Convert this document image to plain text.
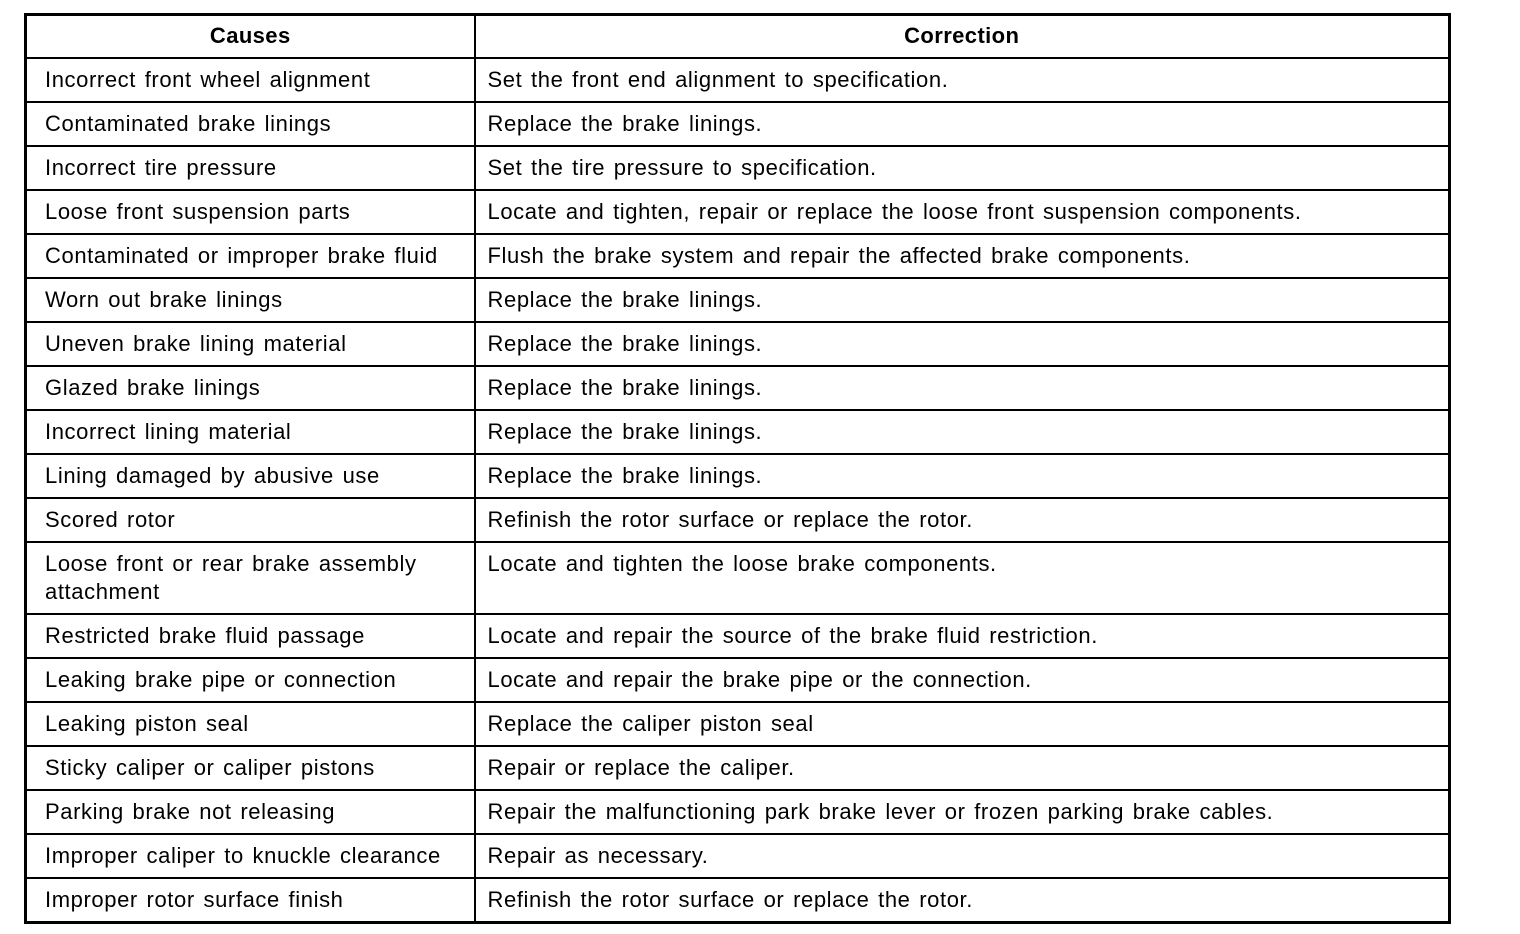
Causes	Correction
Incorrect front wheel alignment	Set the front end alignment to specification.
Contaminated brake linings	Replace the brake linings.
Incorrect tire pressure	Set the tire pressure to specification.
Loose front suspension parts	Locate and tighten, repair or replace the loose front suspension components.
Contaminated or improper brake fluid	Flush the brake system and repair the affected brake components.
Worn out brake linings	Replace the brake linings.
Uneven brake lining material	Replace the brake linings.
Glazed brake linings	Replace the brake linings.
Incorrect lining material	Replace the brake linings.
Lining damaged by abusive use	Replace the brake linings.
Scored rotor	Refinish the rotor surface or replace the rotor.
Loose front or rear brake assembly attachment	Locate and tighten the loose brake components.
Restricted brake fluid passage	Locate and repair the source of the brake fluid restriction.
Leaking brake pipe or connection	Locate and repair the brake pipe or the connection.
Leaking piston seal	Replace the caliper piston seal
Sticky caliper or caliper pistons	Repair or replace the caliper.
Parking brake not releasing	Repair the malfunctioning park brake lever or frozen parking brake cables.
Improper caliper to knuckle clearance	Repair as necessary.
Improper rotor surface finish	Refinish the rotor surface or replace the rotor.
